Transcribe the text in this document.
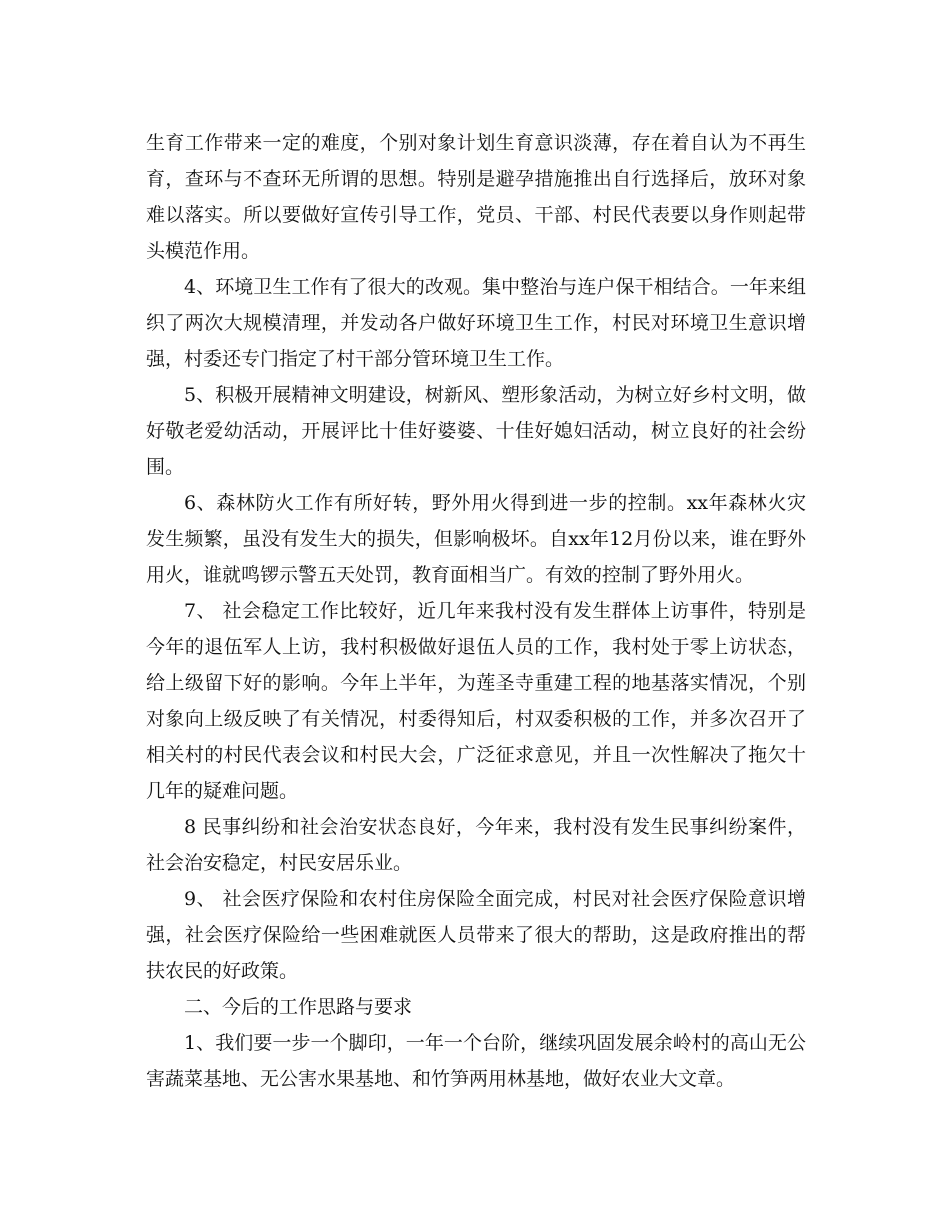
生育工作带来一定的难度，个别对象计划生育意识淡薄，存在着自认为不再生育，查环与不查环无所谓的思想。特别是避孕措施推出自行选择后，放环对象难以落实。所以要做好宣传引导工作，党员、干部、村民代表要以身作则起带头模范作用。

4、环境卫生工作有了很大的改观。集中整治与连户保干相结合。一年来组织了两次大规模清理，并发动各户做好环境卫生工作，村民对环境卫生意识增强，村委还专门指定了村干部分管环境卫生工作。

5、积极开展精神文明建设，树新风、塑形象活动，为树立好乡村文明，做好敬老爱幼活动，开展评比十佳好婆婆、十佳好媳妇活动，树立良好的社会纷围。

6、森林防火工作有所好转，野外用火得到进一步的控制。xx年森林火灾发生频繁，虽没有发生大的损失，但影响极坏。自xx年12月份以来，谁在野外用火，谁就鸣锣示警五天处罚，教育面相当广。有效的控制了野外用火。

7、 社会稳定工作比较好，近几年来我村没有发生群体上访事件，特别是今年的退伍军人上访，我村积极做好退伍人员的工作，我村处于零上访状态，给上级留下好的影响。今年上半年，为莲圣寺重建工程的地基落实情况，个别对象向上级反映了有关情况，村委得知后，村双委积极的工作，并多次召开了相关村的村民代表会议和村民大会，广泛征求意见，并且一次性解决了拖欠十几年的疑难问题。

8 民事纠纷和社会治安状态良好，今年来，我村没有发生民事纠纷案件，社会治安稳定，村民安居乐业。

9、 社会医疗保险和农村住房保险全面完成，村民对社会医疗保险意识增强，社会医疗保险给一些困难就医人员带来了很大的帮助，这是政府推出的帮扶农民的好政策。

二、今后的工作思路与要求

1、我们要一步一个脚印，一年一个台阶，继续巩固发展余岭村的高山无公害蔬菜基地、无公害水果基地、和竹笋两用林基地，做好农业大文章。
